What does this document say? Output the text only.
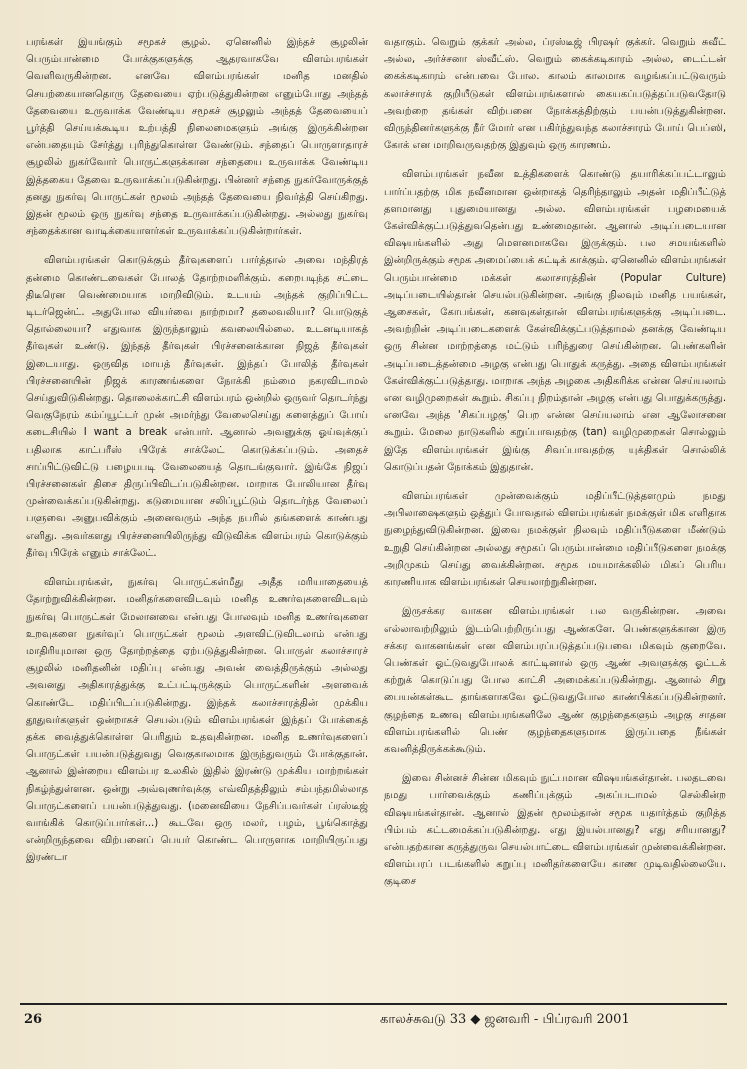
பரங்கள் இயங்கும் சமூகச் சூழல். ஏனெனில் இந்தச் சூழலின் பெரும்பான்மை போக்குகளுக்கு ஆதரவாகவே விளம்பரங்கள் வெளிவருகின்றன. எனவே விளம்பரங்கள் மனித மனதில் செயற்கையானதொரு தேவையை ஏற்படுத்துகின்றன எனும்போது அந்தத் தேவையை உருவாக்க வேண்டிய சமூகச் சூழலும் அந்தத் தேவையைப் பூர்த்தி செய்யக்கூடிய உற்பத்தி நிலைமைகளும் அங்கு இருக்கின்றன என்பதையும் சேர்த்து புரிந்துகொள்ள வேண்டும். சந்தைப் பொருளாதாரச் சூழலில் நுகர்வோர் பொருட்களுக்கான சந்தையை உருவாக்க வேண்டிய இத்தகைய தேவை உருவாக்கப்படுகின்றது. பின்னர் சந்தை நுகர்வோருக்குத் தனது நுகர்வு பொருட்கள் மூலம் அந்தத் தேவையை நிவர்த்தி செய்கிறது. இதன் மூலம் ஒரு நுகர்வு சந்தை உருவாக்கப்படுகின்றது. அல்லது நுகர்வு சந்தைக்கான வாடிக்கையாளர்கள் உருவாக்கப்படுகின்றார்கள்.

விளம்பரங்கள் கொடுக்கும் தீர்வுகளைப் பார்த்தால் அவை மந்திரத் தன்மை கொண்டவைகள் போலத் தோற்றமளிக்கும். கறைபடிந்த சட்டை திடீரென வெண்மையாக மாறிவிடும். உடயம் அந்தக் குறிப்பிட்ட டிடர்ஜென்ட். அதுபோல வியர்வை நாற்றமா? தலைவலியா? பொடுகுத் தொல்லையா? எதுவாக இருந்தாலும் கவலையில்லை. உடனடியாகத் தீர்வுகள் உண்டு. இந்தத் தீர்வுகள் பிரச்சனைக்கான நிஜத் தீர்வுகள் இடையாது. ஒருவித மாயத் தீர்வுகள். இந்தப் போலித் தீர்வுகள் பிரச்சனையின் நிஜக் காரணங்களை நோக்கி நம்மை நகரவிடாமல் செய்துவிடுகின்றது. தொலைக்காட்சி விளம்பரம் ஒன்றில் ஒருவர் தொடர்ந்து வெகுநேரம் கம்ப்யூட்டர் முன் அமர்ந்து வேலைசெய்து களைத்துப் போய் கடைசியில் I want a break என்பார். ஆனால் அவனுக்கு ஓய்வுக்குப் பதிலாக காட்பரீஸ் பிரேக் சாக்லேட் கொடுக்கப்படும். அதைச் சாப்பிட்டுவிட்டு பழையபடி வேலையைத் தொடங்குவார். இங்கே நிஜப் பிரச்சனைகள் திசை திருப்பிவிடப்படுகின்றன. மாறாக போலியான தீர்வு முன்வைக்கப்படுகின்றது. கடுமையான சலிப்பூட்டும் தொடர்ந்த வேலைப் பளுவை அனுபவிக்கும் அனைவரும் அந்த நபரில் தங்களைக் காண்பது எளிது. அவர்களது பிரச்சனையிலிருந்து விடுவிக்க விளம்பரம் கொடுக்கும் தீர்வு பிரேக் எனும் சாக்லேட்.

விளம்பரங்கள், நுகர்வு பொருட்கள்மீது அதீத மரியாதையைத் தோற்றுவிக்கின்றன. மனிதர்களைவிடவும் மனித உணர்வுகளைவிடவும் நுகர்வு பொருட்கள் மேலானவை என்பது போலவும் மனித உணர்வுகளை உறவுகளை நுகர்வுப் பொருட்கள் மூலம் அளவிட்டுவிடலாம் என்பது மாதிரியுமான ஒரு தோற்றத்தை ஏற்படுத்துகின்றன. பொருள் கலாச்சாரச் சூழலில் மனிதனின் மதிப்பு என்பது அவன் வைத்திருக்கும் அல்லது அவனது அதிகாரத்துக்கு உட்பட்டிருக்கும் பொருட்களின் அளவைக் கொண்டே மதிப்பிடப்படுகின்றது. இந்தக் கலாச்சாரத்தின் முக்கிய தூதுவர்களுள் ஒன்றாகச் செயல்படும் விளம்பரங்கள் இந்தப் போக்கைத் தக்க வைத்துக்கொள்ள பெரிதும் உதவுகின்றன. மனித உணர்வுகளைப் பொருட்கள் பயன்படுத்துவது வெகுகாலமாக இருந்துவரும் போக்குதான். ஆனால் இன்றைய விளம்பர உலகில் இதில் இரண்டு முக்கிய மாற்றங்கள் நிகழ்ந்துள்ளன. ஒன்று அவ்வுணர்வுக்கு எவ்விதத்திலும் சம்பந்தமில்லாத பொருட்களைப் பயன்படுத்துவது. (மனைவியை நேசிப்பவர்கள் ப்ரஸ்டீஜ் வாங்கிக் கொடுப்பார்கள்...) கூடவே ஒரு மலர், பழம், பூங்கொத்து என்றிருந்தவை விற்பனைப் பெயர் கொண்ட பொருளாக மாறியிருப்பது இரண்டா

வதாகும். வெறும் குக்கர் அல்ல, ப்ரஸ்டீஜ் பிரஷர் குக்கர். வெறும் சுவீட் அல்ல, அர்ச்சனா ஸ்வீட்ஸ். வெறும் கைக்கடிகாரம் அல்ல, டைட்டன் கைக்கடிகாரம் என்பவை போல. காலம் காலமாக வழங்கப்பட்டுவரும் கலாச்சாரக் குறியீடுகள் விளம்பரங்களால் கையகப்படுத்தப்படுவதோடு அவற்றை தங்கள் விற்பனை நோக்கத்திற்கும் பயன்படுத்துகின்றன. விருந்தினர்களுக்கு நீர் மோர் என பகிர்ந்துவந்த கலாச்சாரம் போய் பெப்ஸி, கோக் என மாறிவருவதற்கு இதுவும் ஒரு காரணம்.

விளம்பரங்கள் நவீன உத்திகளைக் கொண்டு தயாரிக்கப்பட்டாலும் பார்ப்பதற்கு மிக நவீனமான ஒன்றாகத் தெரிந்தாலும் அதன் மதிப்பீட்டுத் தளமானது புதுமையானது அல்ல. விளம்பரங்கள் பழமையைக் கேள்விக்குட்படுத்துவதென்பது உண்மைதான். ஆனால் அடிப்படையான விஷயங்களில் அது மௌனமாகவே இருக்கும். பல சமயங்களில் இன்றிருக்கும் சமூக அமைப்பைக் கட்டிக் காக்கும். ஏனெனில் விளம்பரங்கள் பெரும்பான்மை மக்கள் கலாசாரத்தின் (Popular Culture) அடிப்படையில்தான் செயல்படுகின்றன. அங்கு நிலவும் மனித பயங்கள், ஆசைகள், கோபங்கள், கனவுகள்தான் விளம்பரங்களுக்கு அடிப்படை. அவற்றின் அடிப்படைகளைக் கேள்விக்குட்படுத்தாமல் தனக்கு வேண்டிய ஒரு சின்ன மாற்றத்தை மட்டும் பரிந்துரை செய்கின்றன. பெண்களின் அடிப்படைத்தன்மை அழகு என்பது பொதுக் கருத்து. அதை விளம்பரங்கள் கேள்விக்குட்படுத்தாது. மாறாக அந்த அழகை அதிகரிக்க என்ன செய்யலாம் என வழிமுறைகள் கூறும். சிகப்பு நிறம்தான் அழகு என்பது பொதுக்கருத்து. எனவே அந்த 'சிகப்பழகு' பெற என்ன செய்யலாம் என ஆலோசனை கூறும். மேலை நாடுகளில் கறுப்பாவதற்கு (tan) வழிமுறைகள் சொல்லும் இதே விளம்பரங்கள் இங்கு சிவப்பாவதற்கு யுக்திகள் சொல்லிக் கொடுப்பதன் நோக்கம் இதுதான்.

விளம்பரங்கள் முன்வைக்கும் மதிப்பீட்டுத்தளமும் நமது அபிலாஷைகளும் ஒத்துப் போவதால் விளம்பரங்கள் நமக்குள் மிக எளிதாக நுழைந்துவிடுகின்றன. இவை நமக்குள் நிலவும் மதிப்பீடுகளை மீண்டும் உறுதி செய்கின்றன அல்லது சமூகப் பெரும்பான்மை மதிப்பீடுகளை நமக்கு அறிமுகம் செய்து வைக்கின்றன. சமூக மயமாக்கலில் மிகப் பெரிய காரணியாக விளம்பரங்கள் செயலாற்றுகின்றன.

இருசக்கர வாகன விளம்பரங்கள் பல வருகின்றன. அவை எல்லாவற்றிலும் இடம்பெற்றிருப்பது ஆண்களே. பெண்களுக்கான இரு சக்கர வாகனங்கள் என விளம்பரப்படுத்தப்படுபவை மிகவும் குறைவே. பெண்கள் ஓட்டுவதுபோலக் காட்டினால் ஒரு ஆண் அவளுக்கு ஓட்டக் கற்றுக் கொடுப்பது போல காட்சி அமைக்கப்படுகின்றது. ஆனால் சிறு பையன்கள்கூட தாங்களாகவே ஓட்டுவதுபோல காண்பிக்கப்படுகின்றனர். குழந்தை உணவு விளம்பரங்களிலே ஆண் குழந்தைகளும் அழகு சாதன விளம்பரங்களில் பெண் குழந்தைகளுமாக இருப்பதை நீங்கள் கவனித்திருக்கக்கூடும்.

இவை சின்னச் சின்ன மிகவும் நுட்பமான விஷயங்கள்தான். பலதடவை நமது பார்வைக்கும் கணிப்புக்கும் அகப்படாமல் செல்கின்ற விஷயங்கள்தான். ஆனால் இதன் மூலம்தான் சமூக யதார்த்தம் குறித்த பிம்பம் கட்டமைக்கப்படுகின்றது. எது இயல்பானது? எது சரியானது? என்பதற்கான கருத்துருவ செயல்பாட்டை விளம்பரங்கள் முன்வைக்கின்றன. விளம்பரப் படங்களில் கறுப்பு மனிதர்களையே காண முடிவதில்லையே. குடிசை

26	காலச்சுவடு 33 ◆ ஜனவரி - பிப்ரவரி 2001
